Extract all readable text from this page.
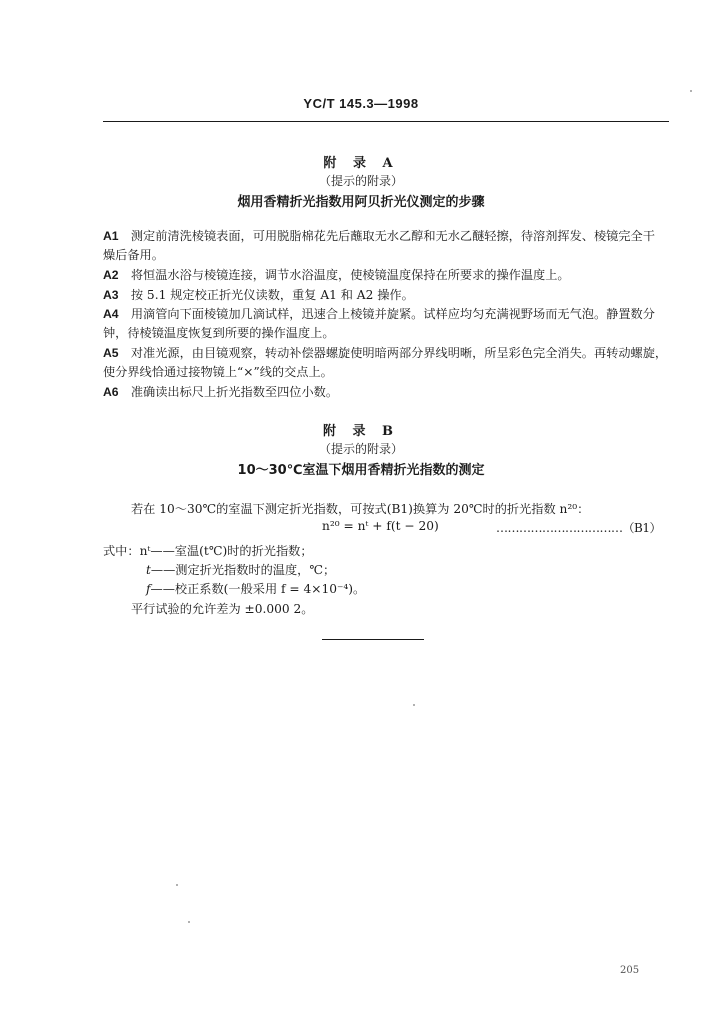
YC/T 145.3—1998
附 录 A
（提示的附录）
烟用香精折光指数用阿贝折光仪测定的步骤
A1 测定前清洗棱镜表面，可用脱脂棉花先后蘸取无水乙醇和无水乙醚轻擦，待溶剂挥发、棱镜完全干
燥后备用。
A2 将恒温水浴与棱镜连接，调节水浴温度，使棱镜温度保持在所要求的操作温度上。
A3 按 5.1 规定校正折光仪读数，重复 A1 和 A2 操作。
A4 用滴管向下面棱镜加几滴试样，迅速合上棱镜并旋紧。试样应均匀充满视野场而无气泡。静置数分
钟，待棱镜温度恢复到所要的操作温度上。
A5 对准光源，由目镜观察，转动补偿器螺旋使明暗两部分界线明晰，所呈彩色完全消失。再转动螺旋，
使分界线恰通过接物镜上“×”线的交点上。
A6 准确读出标尺上折光指数至四位小数。
附 录 B
（提示的附录）
10～30℃室温下烟用香精折光指数的测定
若在 10～30℃的室温下测定折光指数，可按式(B1)换算为 20℃时的折光指数 n²⁰：
n²⁰ = nᵗ + f(t − 20)	……………………………（B1）
式中：nᵗ——室温(t℃)时的折光指数；
t——测定折光指数时的温度，℃；
f——校正系数(一般采用 f = 4×10⁻⁴)。
平行试验的允许差为 ±0.000 2。
205
